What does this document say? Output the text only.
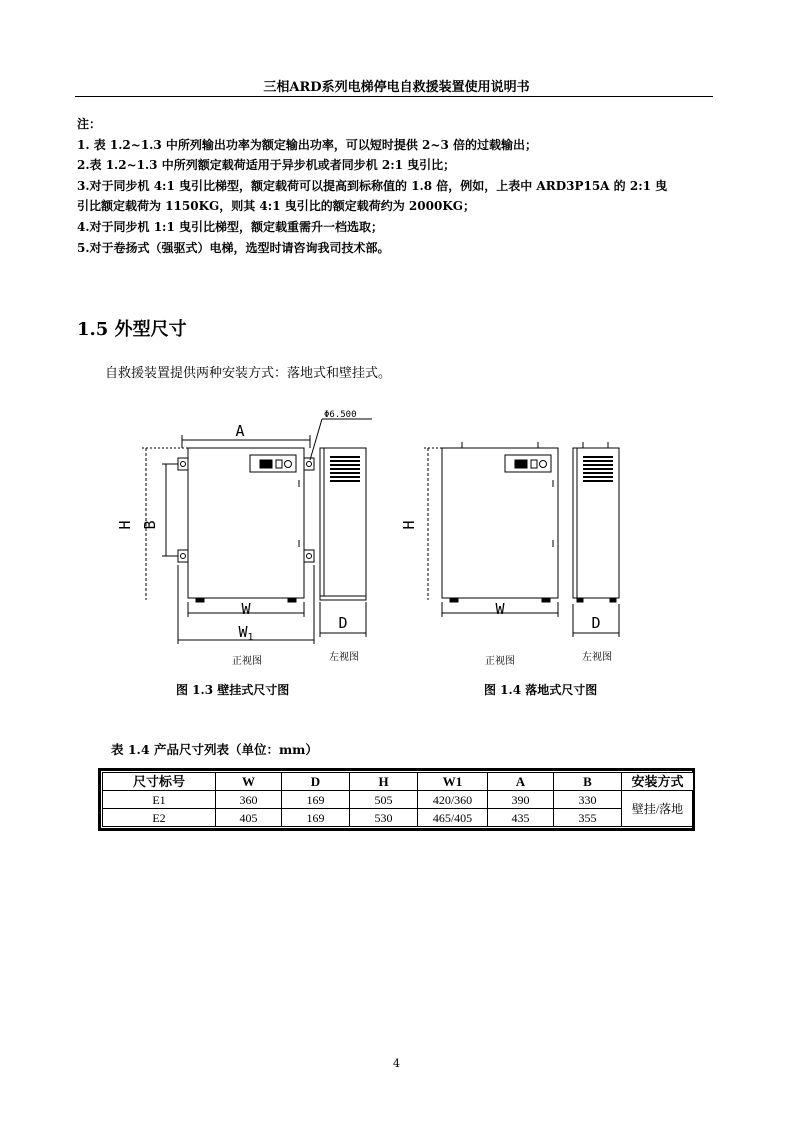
三相ARD系列电梯停电自救援装置使用说明书
注：
1. 表 1.2~1.3 中所列输出功率为额定输出功率，可以短时提供 2~3 倍的过载输出；
2.表 1.2~1.3 中所列额定载荷适用于异步机或者同步机 2:1 曳引比；
3.对于同步机 4:1 曳引比梯型，额定载荷可以提高到标称值的 1.8 倍，例如，上表中 ARD3P15A 的 2:1 曳
引比额定载荷为 1150KG，则其 4:1 曳引比的额定载荷约为 2000KG；
4.对于同步机 1:1 曳引比梯型，额定载重需升一档选取；
5.对于卷扬式（强驱式）电梯，选型时请咨询我司技术部。
1.5 外型尺寸
自救援装置提供两种安装方式：落地式和壁挂式。
A
Φ6.500
H B
W
$W_1$
D
H
W
D
正视图	左视图	正视图	左视图
图 1.3 壁挂式尺寸图	图 1.4 落地式尺寸图
表 1.4 产品尺寸列表（单位：mm）
尺寸标号	W	D	H	W1	A	B	安装方式
E1	360	169	505	420/360	390	330	壁挂/落地
E2	405	169	530	465/405	435	355	
4
